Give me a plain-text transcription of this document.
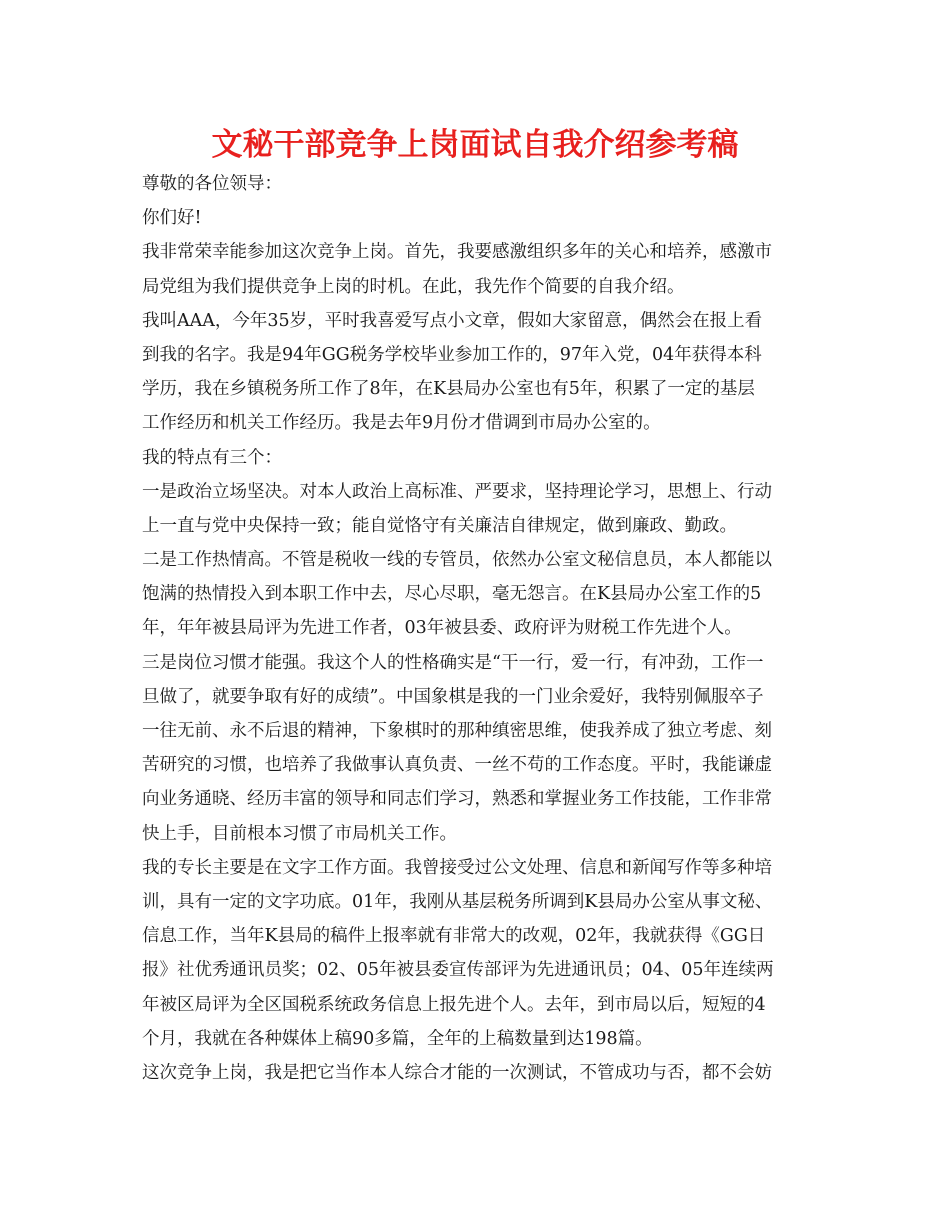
文秘干部竞争上岗面试自我介绍参考稿
尊敬的各位领导：
你们好!
我非常荣幸能参加这次竞争上岗。首先，我要感激组织多年的关心和培养，感激市
局党组为我们提供竞争上岗的时机。在此，我先作个简要的自我介绍。
我叫AAA，今年35岁，平时我喜爱写点小文章，假如大家留意，偶然会在报上看
到我的名字。我是94年GG税务学校毕业参加工作的，97年入党，04年获得本科
学历，我在乡镇税务所工作了8年，在K县局办公室也有5年，积累了一定的基层
工作经历和机关工作经历。我是去年9月份才借调到市局办公室的。
我的特点有三个：
一是政治立场坚决。对本人政治上高标准、严要求，坚持理论学习，思想上、行动
上一直与党中央保持一致；能自觉恪守有关廉洁自律规定，做到廉政、勤政。
二是工作热情高。不管是税收一线的专管员，依然办公室文秘信息员，本人都能以
饱满的热情投入到本职工作中去，尽心尽职，毫无怨言。在K县局办公室工作的5
年，年年被县局评为先进工作者，03年被县委、政府评为财税工作先进个人。
三是岗位习惯才能强。我这个人的性格确实是“干一行，爱一行，有冲劲，工作一
旦做了，就要争取有好的成绩”。中国象棋是我的一门业余爱好，我特别佩服卒子
一往无前、永不后退的精神，下象棋时的那种缜密思维，使我养成了独立考虑、刻
苦研究的习惯，也培养了我做事认真负责、一丝不苟的工作态度。平时，我能谦虚
向业务通晓、经历丰富的领导和同志们学习，熟悉和掌握业务工作技能，工作非常
快上手，目前根本习惯了市局机关工作。
我的专长主要是在文字工作方面。我曾接受过公文处理、信息和新闻写作等多种培
训，具有一定的文字功底。01年，我刚从基层税务所调到K县局办公室从事文秘、
信息工作，当年K县局的稿件上报率就有非常大的改观，02年，我就获得《GG日
报》社优秀通讯员奖；02、05年被县委宣传部评为先进通讯员；04、05年连续两
年被区局评为全区国税系统政务信息上报先进个人。去年，到市局以后，短短的4
个月，我就在各种媒体上稿90多篇，全年的上稿数量到达198篇。
这次竞争上岗，我是把它当作本人综合才能的一次测试，不管成功与否，都不会妨
